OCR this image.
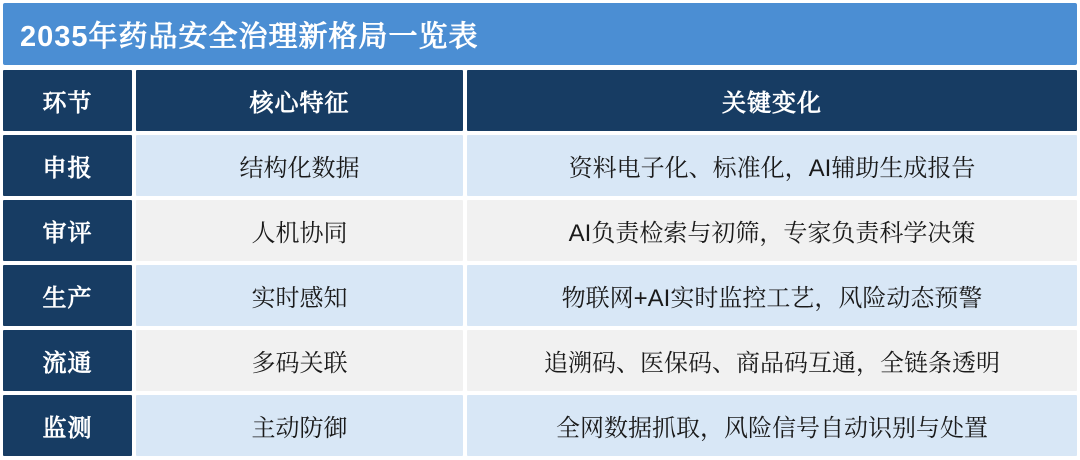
2035年药品安全治理新格局一览表
环节	核心特征	关键变化
申报	结构化数据	资料电子化、标准化，AI辅助生成报告
审评	人机协同	AI负责检索与初筛，专家负责科学决策
生产	实时感知	物联网+AI实时监控工艺，风险动态预警
流通	多码关联	追溯码、医保码、商品码互通，全链条透明
监测	主动防御	全网数据抓取，风险信号自动识别与处置
